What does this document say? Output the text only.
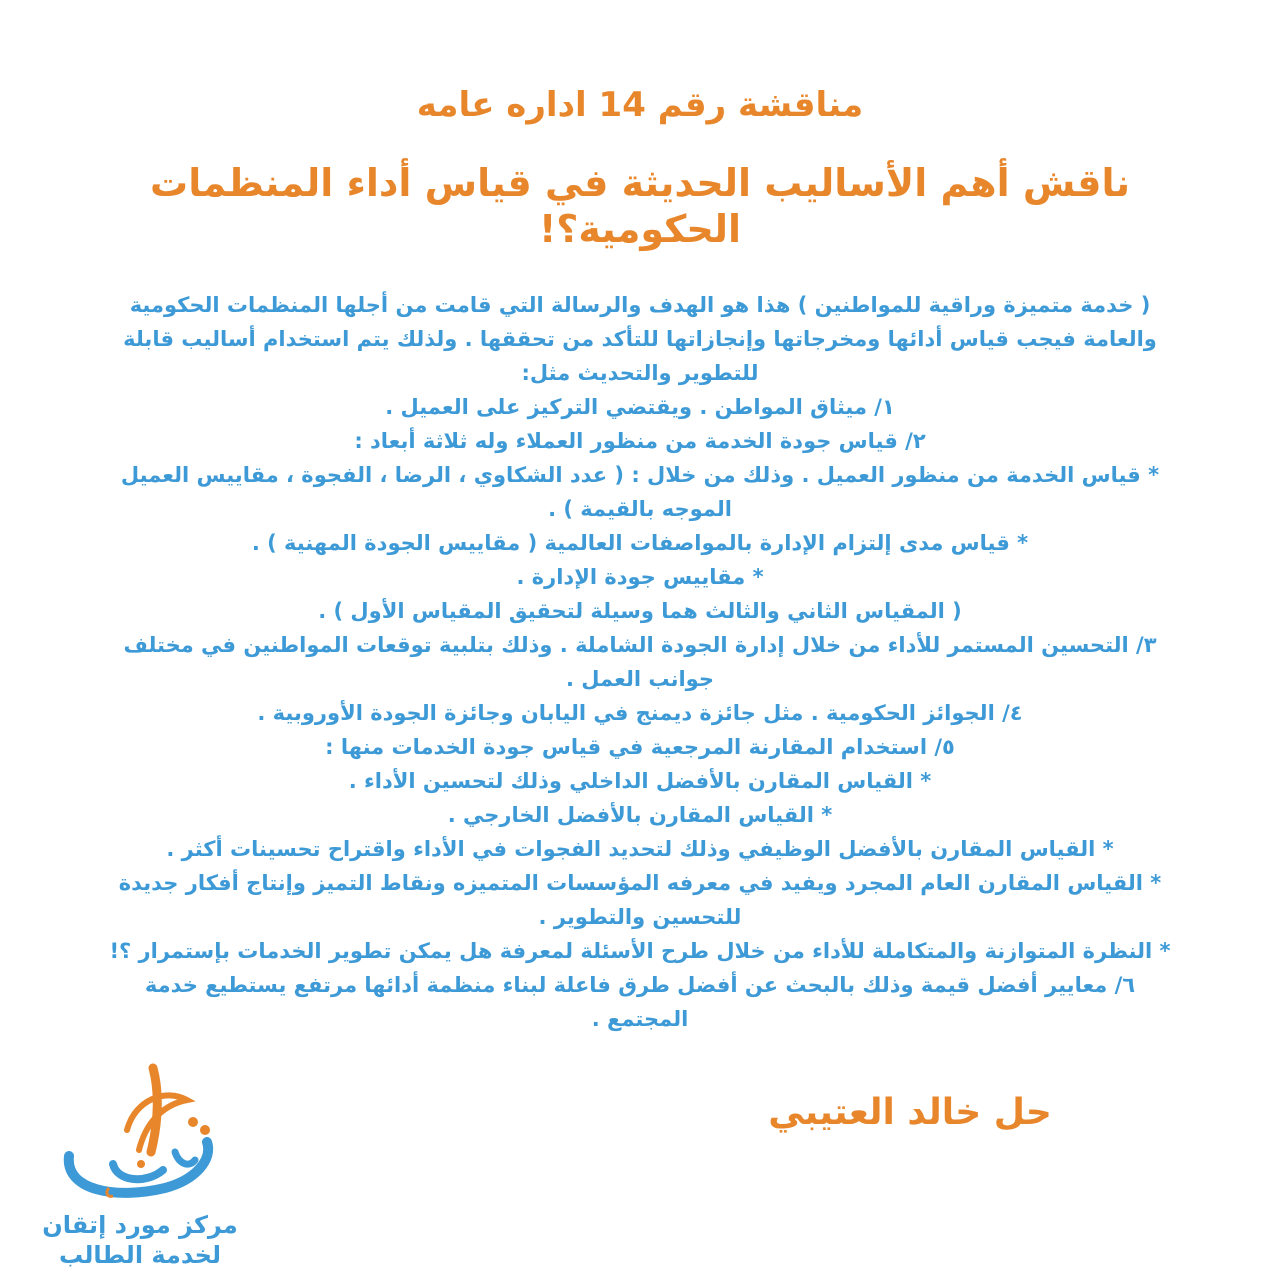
مناقشة رقم 14 اداره عامه
ناقش أهم الأساليب الحديثة في قياس أداء المنظمات
الحكومية؟!

( خدمة متميزة وراقية للمواطنين ) هذا هو الهدف والرسالة التي قامت من أجلها المنظمات الحكومية

والعامة فيجب قياس أدائها ومخرجاتها وإنجازاتها للتأكد من تحققها . ولذلك يتم استخدام أساليب قابلة

للتطوير والتحديث مثل:

١/ ميثاق المواطن . ويقتضي التركيز على العميل .

٢/ قياس جودة الخدمة من منظور العملاء وله ثلاثة أبعاد :

* قياس الخدمة من منظور العميل . وذلك من خلال : ( عدد الشكاوي ، الرضا ، الفجوة ، مقاييس العميل

الموجه بالقيمة ) .

* قياس مدى إلتزام الإدارة بالمواصفات العالمية ( مقاييس الجودة المهنية ) .

* مقاييس جودة الإدارة .

( المقياس الثاني والثالث هما وسيلة لتحقيق المقياس الأول ) .

٣/ التحسين المستمر للأداء من خلال إدارة الجودة الشاملة . وذلك بتلبية توقعات المواطنين في مختلف

جوانب العمل .

٤/ الجوائز الحكومية . مثل جائزة ديمنج في اليابان وجائزة الجودة الأوروبية .

٥/ استخدام المقارنة المرجعية في قياس جودة الخدمات منها :

* القياس المقارن بالأفضل الداخلي وذلك لتحسين الأداء .

* القياس المقارن بالأفضل الخارجي .

* القياس المقارن بالأفضل الوظيفي وذلك لتحديد الفجوات في الأداء واقتراح تحسينات أكثر .

* القياس المقارن العام المجرد ويفيد في معرفه المؤسسات المتميزه ونقاط التميز وإنتاج أفكار جديدة

للتحسين والتطوير .

* النظرة المتوازنة والمتكاملة للأداء من خلال طرح الأسئلة لمعرفة هل يمكن تطوير الخدمات بإستمرار ؟!

٦/ معايير أفضل قيمة وذلك بالبحث عن أفضل طرق فاعلة لبناء منظمة أدائها مرتفع يستطيع خدمة

المجتمع .

حل خالد العتيبي
مركز مورد إتقان
لخدمة الطالب
